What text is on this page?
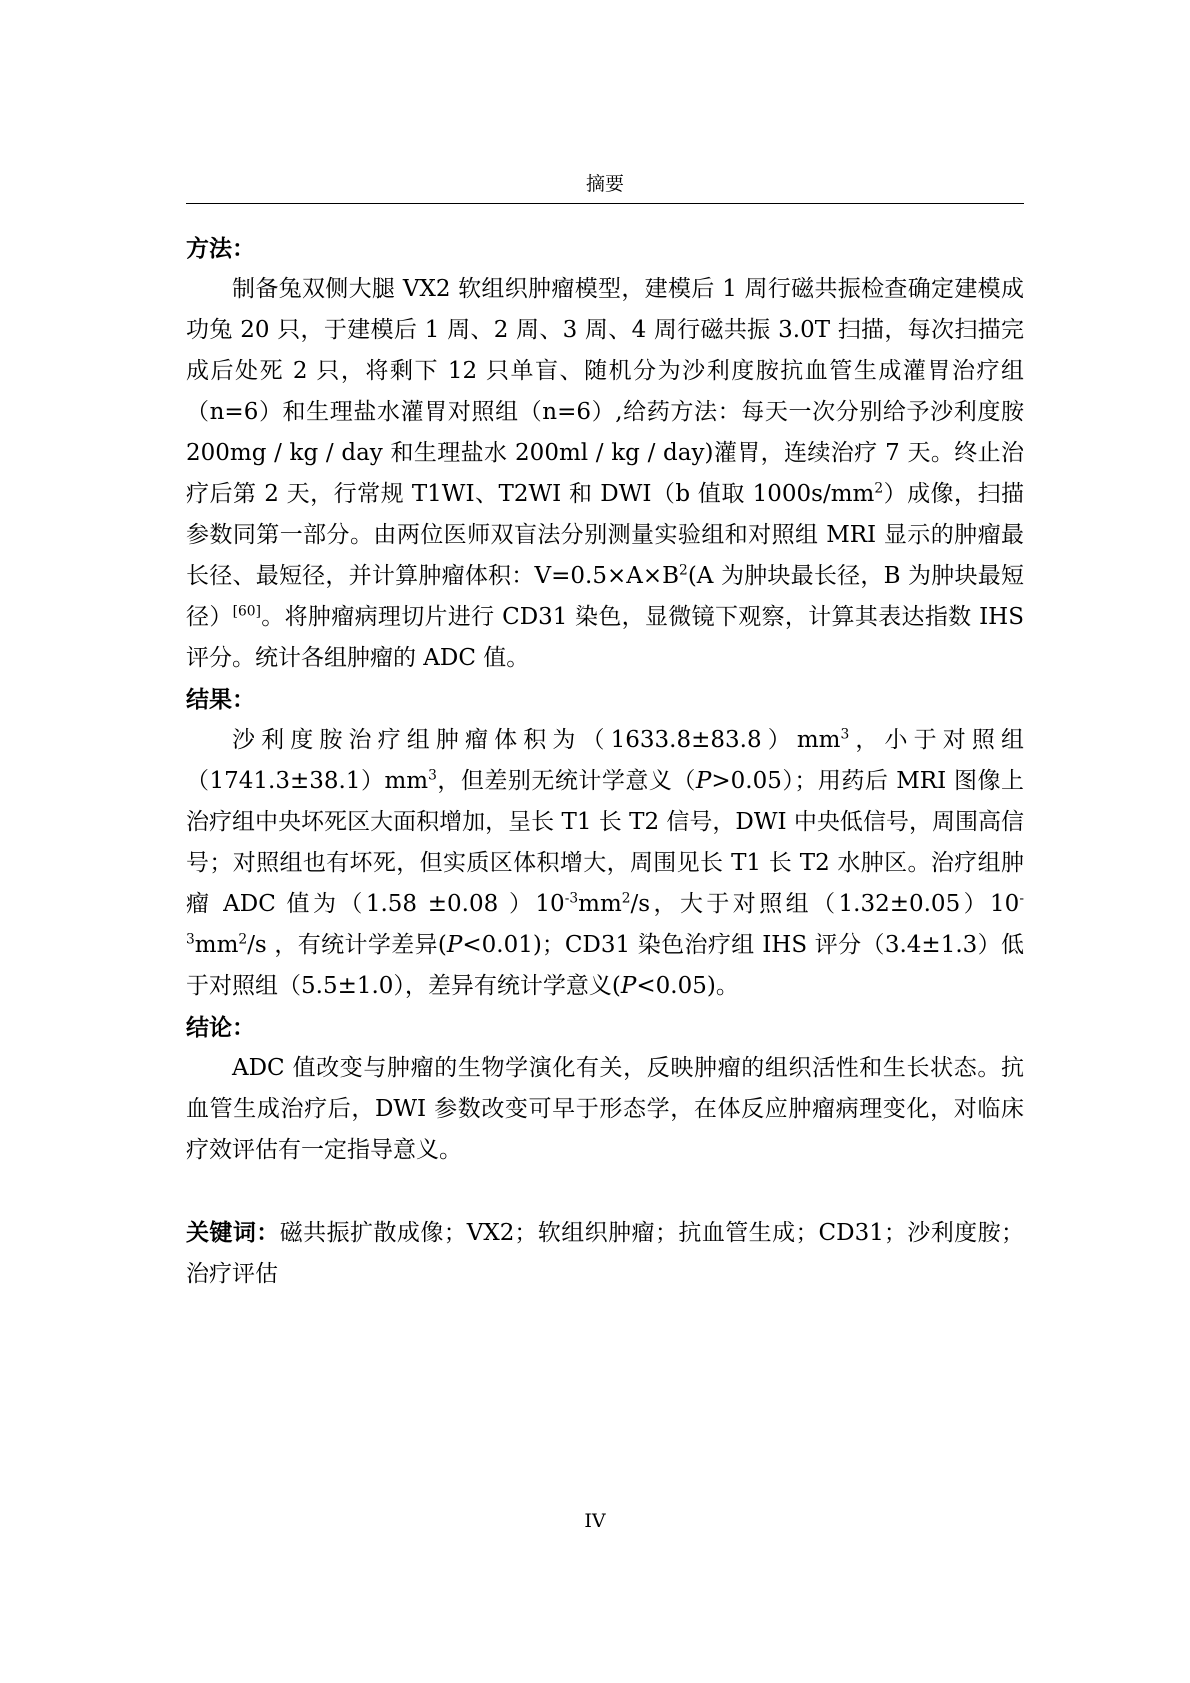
摘要
方法：
制备兔双侧大腿 VX2 软组织肿瘤模型，建模后 1 周行磁共振检查确定建模成功兔 20 只，于建模后 1 周、2 周、3 周、4 周行磁共振 3.0T 扫描，每次扫描完成后处死 2 只，将剩下 12 只单盲、随机分为沙利度胺抗血管生成灌胃治疗组（n=6）和生理盐水灌胃对照组（n=6）,给药方法：每天一次分别给予沙利度胺 200mg / kg / day 和生理盐水 200ml / kg / day)灌胃，连续治疗 7 天。终止治疗后第 2 天，行常规 T1WI、T2WI 和 DWI（b 值取 $1000s/mm^2$）成像，扫描参数同第一部分。由两位医师双盲法分别测量实验组和对照组 MRI 显示的肿瘤最长径、最短径，并计算肿瘤体积：$V=0.5\times A\times B^2(A$ 为肿块最长径，B 为肿块最短径）[60]。将肿瘤病理切片进行 CD31 染色，显微镜下观察，计算其表达指数 IHS 评分。统计各组肿瘤的 ADC 值。
结果：
沙利度胺治疗组肿瘤体积为$(1633.8\pm 83.8)mm^3$，小于对照组$(1741.3\pm 38.1)mm^3$，但差别无统计学意义（P>0.05）；用药后 MRI 图像上治疗组中央坏死区大面积增加，呈长 T1 长 T2 信号，DWI 中央低信号，周围高信号；对照组也有坏死，但实质区体积增大，周围见长 T1 长 T2 水肿区。治疗组肿瘤 ADC 值为（1.58 ±0.08 ）$10^{-3}mm^2/s$，大于对照组$(1.32\pm 0.05)10^{-3}mm^2/s$ ，有统计学差异(P<0.01)；CD31 染色治疗组 IHS 评分（3.4±1.3）低于对照组（5.5±1.0），差异有统计学意义(P<0.05)。
结论：
ADC 值改变与肿瘤的生物学演化有关，反映肿瘤的组织活性和生长状态。抗血管生成治疗后，DWI 参数改变可早于形态学，在体反应肿瘤病理变化，对临床疗效评估有一定指导意义。
关键词：磁共振扩散成像；VX2；软组织肿瘤；抗血管生成；CD31；沙利度胺；治疗评估
IV
